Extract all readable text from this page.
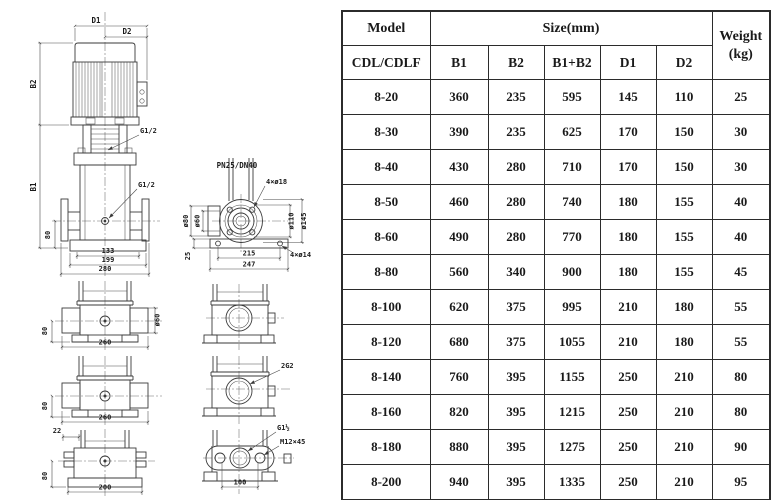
D1
D2
B2
B1
80
G1/2
G1/2
133
199
280
PN25/DN40
4×ø18
ø80 ø60	ø110 ø145
25	215
247
4×ø14
80
ø60
260
80
260
22
80
200
2G2
G1½
M12×45
100
Model	Size(mm)					Weight
(kg)

CDL/CDLF	B1	B2	B1+B2	D1	D2	
8-20	360	235	595	145	110	25
8-30	390	235	625	170	150	30
8-40	430	280	710	170	150	30
8-50	460	280	740	180	155	40
8-60	490	280	770	180	155	40
8-80	560	340	900	180	155	45
8-100	620	375	995	210	180	55
8-120	680	375	1055	210	180	55
8-140	760	395	1155	250	210	80
8-160	820	395	1215	250	210	80
8-180	880	395	1275	250	210	90
8-200	940	395	1335	250	210	95
